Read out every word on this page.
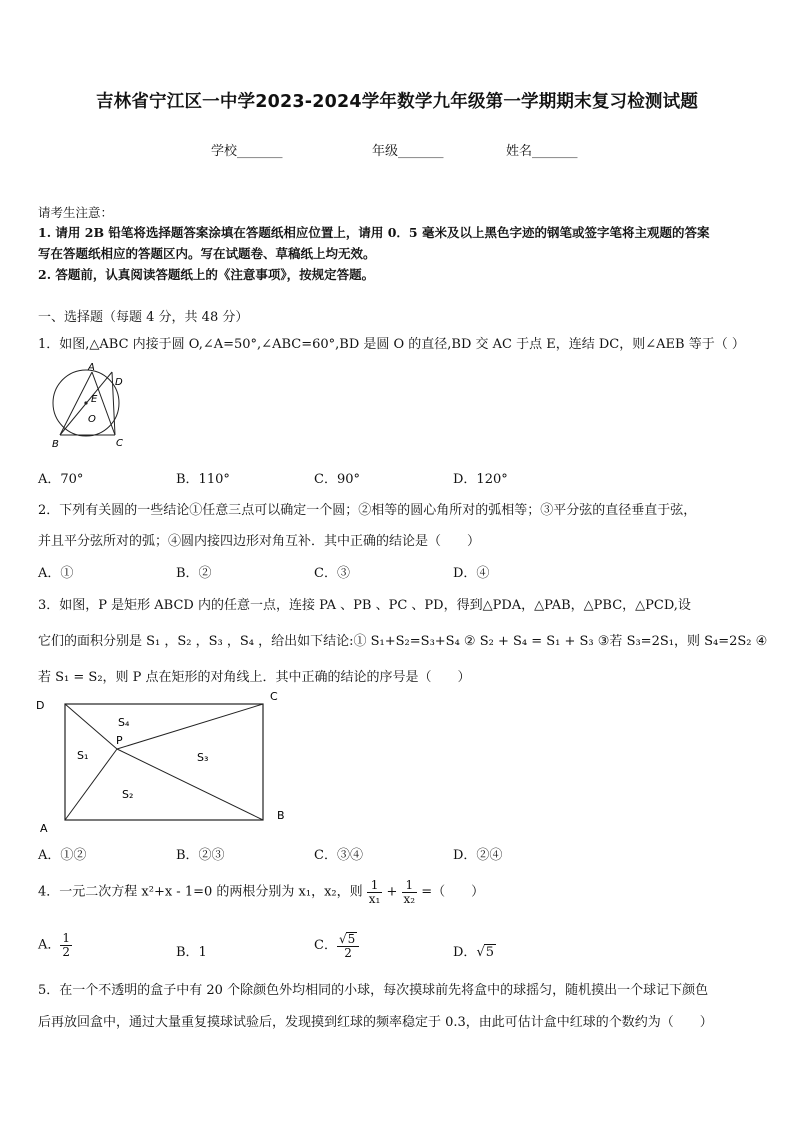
吉林省宁江区一中学2023-2024学年数学九年级第一学期期末复习检测试题
学校_______	年级_______	姓名_______
请考生注意：
1. 请用 2B 铅笔将选择题答案涂填在答题纸相应位置上，请用 0．5 毫米及以上黑色字迹的钢笔或签字笔将主观题的答案
写在答题纸相应的答题区内。写在试题卷、草稿纸上均无效。
2. 答题前，认真阅读答题纸上的《注意事项》，按规定答题。
一、选择题（每题 4 分，共 48 分）
1．如图,△ABC 内接于圆 O,∠A=50°,∠ABC=60°,BD 是圆 O 的直径,BD 交 AC 于点 E，连结 DC，则∠AEB 等于（ ）
A
D
E
O
B	C
A．70°	B．110°	C．90°	D．120°
2．下列有关圆的一些结论①任意三点可以确定一个圆；②相等的圆心角所对的弧相等；③平分弦的直径垂直于弦，
并且平分弦所对的弧；④圆内接四边形对角互补．其中正确的结论是（　　）
A．①	B．②	C．③	D．④
3．如图，P 是矩形 ABCD 内的任意一点，连接 PA 、PB 、PC 、PD，得到△PDA，△PAB，△PBC，△PCD,设
它们的面积分别是 S₁ ，S₂ ，S₃ ，S₄ ，给出如下结论:① S₁+S₂=S₃+S₄ ② S₂ + S₄ = S₁ + S₃ ③若 S₃=2S₁，则 S₄=2S₂ ④
若 S₁ = S₂，则 P 点在矩形的对角线上．其中正确的结论的序号是（　　）
D
C
A
B
P
S₄
S₁	S₃
S₂
A．①②	B．②③	C．③④	D．②④
4．一元二次方程 x²+x - 1=0 的两根分别为 x₁，x₂，则 $\frac{1}{\text{x₁}} + \frac{1}{\text{x₂}}$ =（　　）
A． $\frac{1}{2}$	B．1	C． $\frac{√5}{2}$	D．√5
5．在一个不透明的盒子中有 20 个除颜色外均相同的小球，每次摸球前先将盒中的球摇匀，随机摸出一个球记下颜色
后再放回盒中，通过大量重复摸球试验后，发现摸到红球的频率稳定于 0.3，由此可估计盒中红球的个数约为（　　）
